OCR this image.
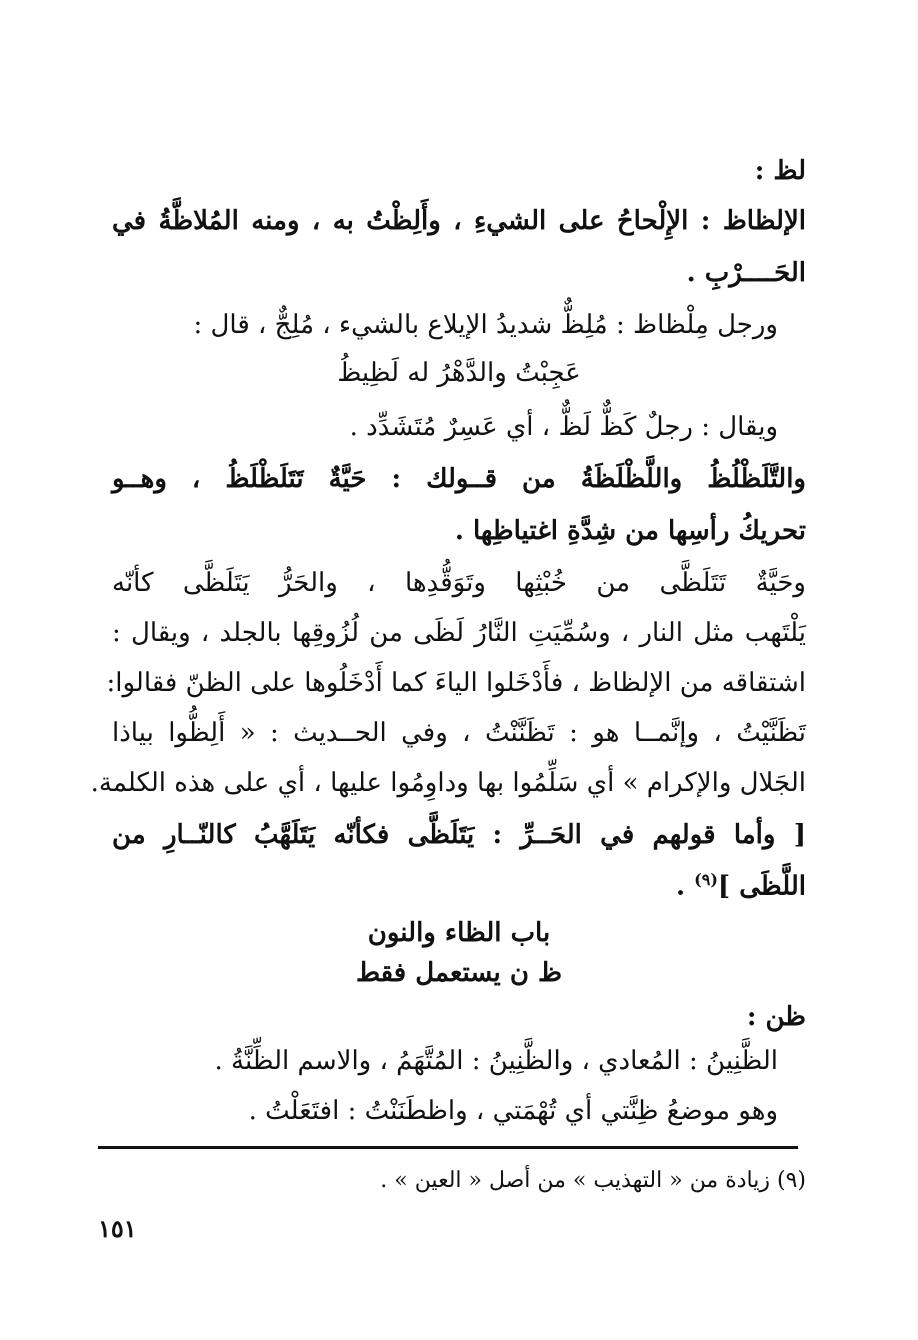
لظ :
الإلظاظ : الإِلْحاحُ على الشيءِ ، وأَلِظْتُ به ، ومنه المُلاظَّةُ في
الحَــــرْبِ .
ورجل مِلْظاظ : مُلِظٌّ شديدُ الإيلاع بالشيء ، مُلِجٌّ ، قال :
عَجِبْتُ والدَّهْرُ له لَظِيظُ
ويقال : رجلٌ كَظٌّ لَظٌّ ، أي عَسِرٌ مُتَشَدِّد .
والتَّلَظْلُظُ واللَّظْلَظَةُ من قــولك : حَيَّةٌ تَتَلَظْلَظُ ، وهــو
تحريكُ رأسِها من شِدَّةِ اغتياظِها .
وحَيَّةٌ تَتَلَظَّى من خُبْثِها وتَوَقُّدِها ، والحَرُّ يَتَلَظَّى كأنّه
يَلْتَهب مثل النار ، وسُمِّيَتِ النَّارُ لَظَى من لُزُوقِها بالجلد ، ويقال :
اشتقاقه من الإلظاظ ، فأَدْخَلوا الياءَ كما أَدْخَلُوها على الظنّ فقالوا:
تَظَنَّيْتُ ، وإنَّمــا هو : تَظَنَّنْتُ ، وفي الحــديث : « أَلِظُّوا بياذا
الجَلال والإكرام » أي سَلِّمُوا بها وداوِمُوا عليها ، أي على هذه الكلمة.
[ وأما قولهم في الحَــرِّ : يَتَلَظَّى فكأنّه يَتَلَهَّبُ كالنّــارِ من
اللَّظَى ]$^{(٩)}$ .
باب الظاء والنون
ظ ن يستعمل فقط
ظن :
الظَّنِينُ : المُعادي ، والظَّنِينُ : المُتَّهَمُ ، والاسم الظِّنَّةُ .
وهو موضعُ ظِنَّتي أي تُهْمَتي ، واظطَنَنْتُ : افتَعَلْتُ .
(٩) زيادة من « التهذيب » من أصل « العين » .
١٥١
